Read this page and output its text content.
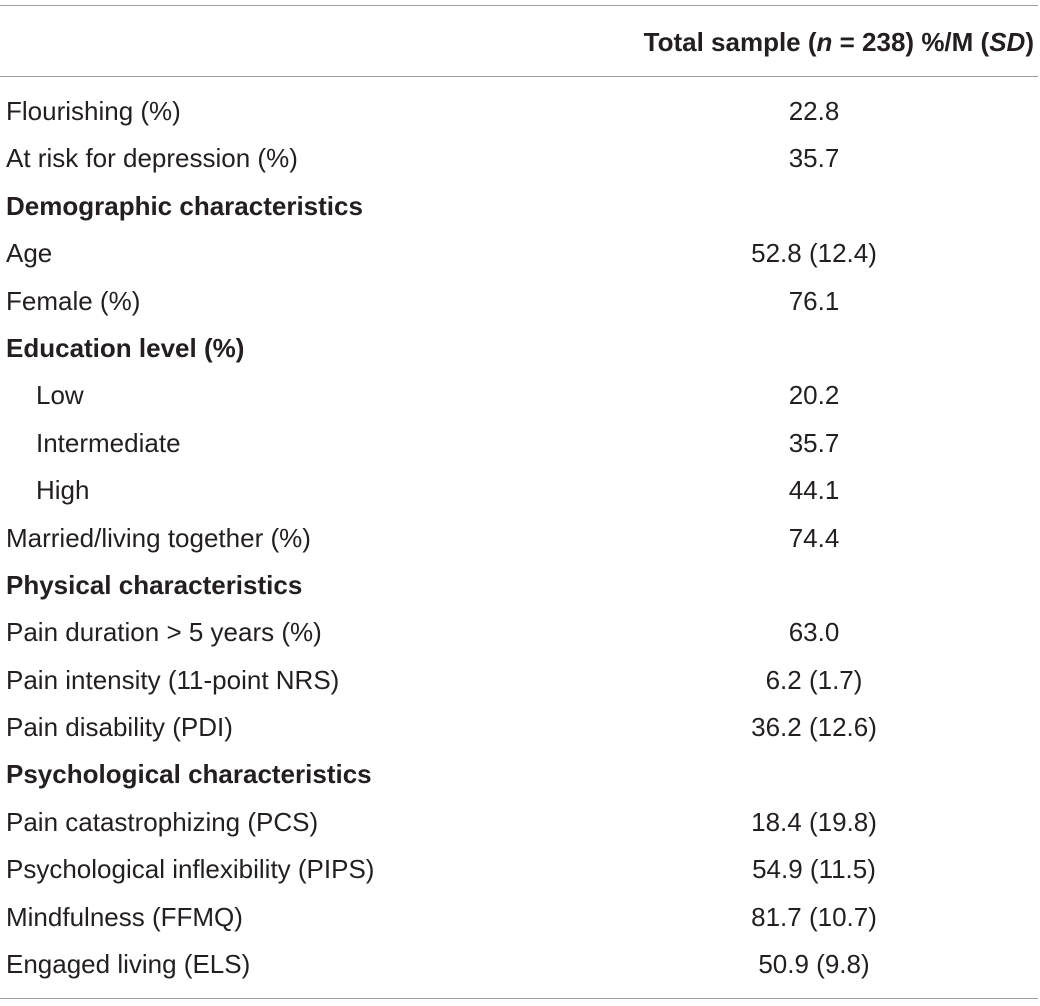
Total sample (n = 238) %/M (SD)
Flourishing (%)	22.8
At risk for depression (%)	35.7
Demographic characteristics
Age	52.8 (12.4)
Female (%)	76.1
Education level (%)
Low	20.2
Intermediate	35.7
High	44.1
Married/living together (%)	74.4
Physical characteristics
Pain duration > 5 years (%)	63.0
Pain intensity (11-point NRS)	6.2 (1.7)
Pain disability (PDI)	36.2 (12.6)
Psychological characteristics
Pain catastrophizing (PCS)	18.4 (19.8)
Psychological inflexibility (PIPS)	54.9 (11.5)
Mindfulness (FFMQ)	81.7 (10.7)
Engaged living (ELS)	50.9 (9.8)
